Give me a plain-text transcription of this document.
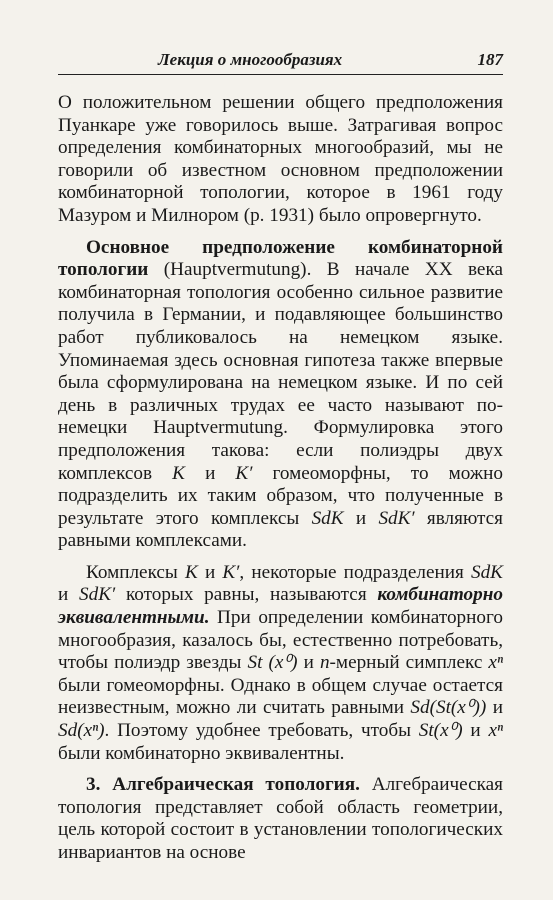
Лекция о многообразиях	187

О положительном решении общего предположения Пуанкаре уже говорилось выше. Затрагивая вопрос определения комбинаторных многообразий, мы не говорили об известном основном предположении комбинаторной топологии, которое в 1961 году Мазуром и Милнором (р. 1931) было опровергнуто.

Основное предположение комбинаторной топологии (Hauptvermutung). В начале XX века комбинаторная топология особенно сильное развитие получила в Германии, и подавляющее большинство работ публиковалось на немецком языке. Упоминаемая здесь основная гипотеза также впервые была сформулирована на немецком языке. И по сей день в различных трудах ее часто называют по-немецки Hauptvermutung. Формулировка этого предположения такова: если полиэдры двух комплексов K и K′ гомеоморфны, то можно подразделить их таким образом, что полученные в результате этого комплексы SdK и SdK′ являются равными комплексами.

Комплексы K и K′, некоторые подразделения SdK и SdK′ которых равны, называются комбинаторно эквивалентными. При определении комбинаторного многообразия, казалось бы, естественно потребовать, чтобы полиэдр звезды St (x⁰) и n-мерный симплекс xⁿ были гомеоморфны. Однако в общем случае остается неизвестным, можно ли считать равными Sd(St(x⁰)) и Sd(xⁿ). Поэтому удобнее требовать, чтобы St(x⁰) и xⁿ были комбинаторно эквивалентны.

3. Алгебраическая топология. Алгебраическая топология представляет собой область геометрии, цель которой состоит в установлении топологических инвариантов на основе
